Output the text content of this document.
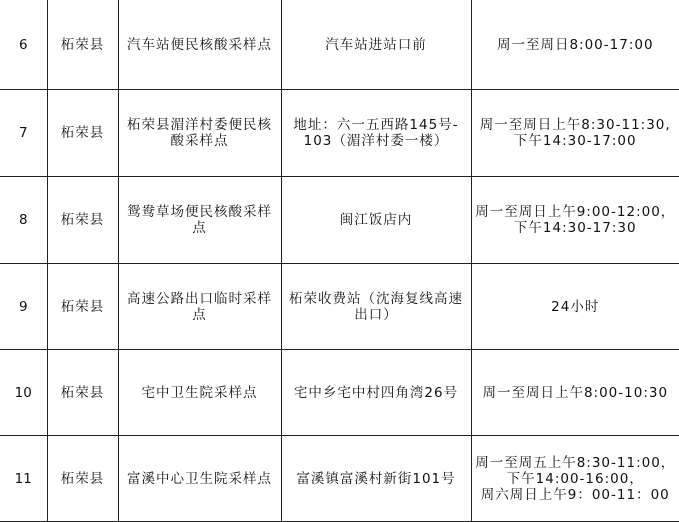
6	柘荣县	汽车站便民核酸采样点	汽车站进站口前	周一至周日8:00-17:00

7	柘荣县	柘荣县湄洋村委便民核
酸采样点	地址：六一五西路145号-
103（湄洋村委一楼）	周一至周日上午8:30-11:30,
下午14:30-17:00

8	柘荣县	鸳鸯草场便民核酸采样
点	闽江饭店内	周一至周日上午9:00-12:00，
下午14:30-17:30

9	柘荣县	高速公路出口临时采样
点	柘荣收费站（沈海复线高速
出口）	24小时

10	柘荣县	宅中卫生院采样点	宅中乡宅中村四角湾26号	周一至周日上午8:00-10:30

11	柘荣县	富溪中心卫生院采样点	富溪镇富溪村新街101号	周一至周五上午8:30-11:00，
下午14:00-16:00，
周六周日上午9：00-11：00
